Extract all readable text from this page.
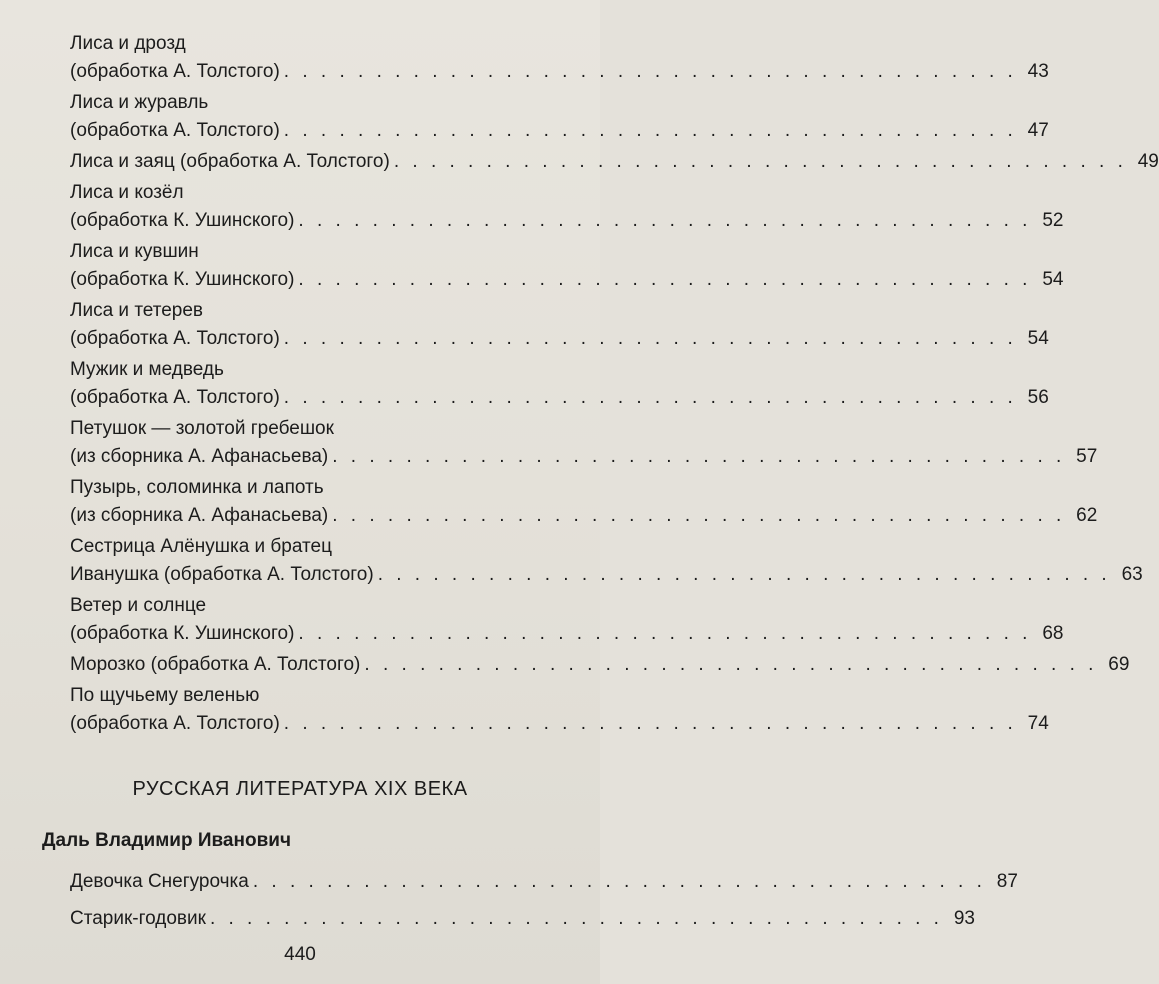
Лиса и дрозд
(обработка А. Толстого) . . . . . . . . . . . . . . . . . . . . . . . . . . . . . . . . . . . . . . . . 43
Лиса и журавль
(обработка А. Толстого) . . . . . . . . . . . . . . . . . . . . . . . . . . . . . . . . . . . . . . . . 47
Лиса и заяц (обработка А. Толстого) . . . . . . . . . . . . . . . . . . . . . . . . . . . . . . . . . . . . . . . . 49
Лиса и козёл
(обработка К. Ушинского) . . . . . . . . . . . . . . . . . . . . . . . . . . . . . . . . . . . . . . . . 52
Лиса и кувшин
(обработка К. Ушинского) . . . . . . . . . . . . . . . . . . . . . . . . . . . . . . . . . . . . . . . . 54
Лиса и тетерев
(обработка А. Толстого) . . . . . . . . . . . . . . . . . . . . . . . . . . . . . . . . . . . . . . . . 54
Мужик и медведь
(обработка А. Толстого) . . . . . . . . . . . . . . . . . . . . . . . . . . . . . . . . . . . . . . . . 56
Петушок — золотой гребешок
(из сборника А. Афанасьева) . . . . . . . . . . . . . . . . . . . . . . . . . . . . . . . . . . . . . . . . 57
Пузырь, соломинка и лапоть
(из сборника А. Афанасьева) . . . . . . . . . . . . . . . . . . . . . . . . . . . . . . . . . . . . . . . . 62
Сестрица Алёнушка и братец
Иванушка (обработка А. Толстого) . . . . . . . . . . . . . . . . . . . . . . . . . . . . . . . . . . . . . . . . 63
Ветер и солнце
(обработка К. Ушинского) . . . . . . . . . . . . . . . . . . . . . . . . . . . . . . . . . . . . . . . . 68
Морозко (обработка А. Толстого) . . . . . . . . . . . . . . . . . . . . . . . . . . . . . . . . . . . . . . . . 69
По щучьему веленью
(обработка А. Толстого) . . . . . . . . . . . . . . . . . . . . . . . . . . . . . . . . . . . . . . . . 74
РУССКАЯ ЛИТЕРАТУРА XIX ВЕКА
Даль Владимир Иванович
Девочка Снегурочка . . . . . . . . . . . . . . . . . . . . . . . . . . . . . . . . . . . . . . . . 87
Старик-годовик . . . . . . . . . . . . . . . . . . . . . . . . . . . . . . . . . . . . . . . . 93
440
